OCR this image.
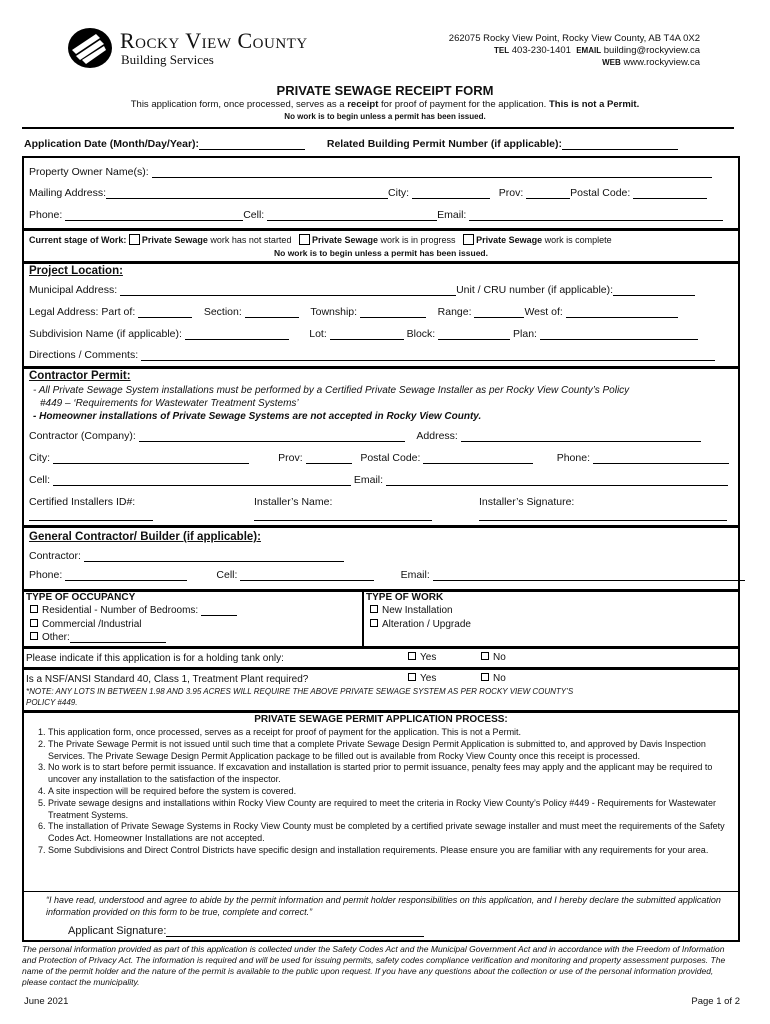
Rocky View County
Building Services
262075 Rocky View Point, Rocky View County, AB T4A 0X2
TEL 403-230-1401 EMAIL building@rockyview.ca
WEB www.rockyview.ca
PRIVATE SEWAGE RECEIPT FORM
This application form, once processed, serves as a receipt for proof of payment for the application. This is not a Permit.
No work is to begin unless a permit has been issued.
Application Date (Month/Day/Year):	Related Building Permit Number (if applicable):
Property Owner Name(s):
Mailing Address:	City:	Prov:	Postal Code:
Phone:	Cell:	Email:
Current stage of Work: Private Sewage work has not started Private Sewage work is in progress Private Sewage work is complete
No work is to begin unless a permit has been issued.
Project Location:
Municipal Address:	Unit / CRU number (if applicable):
Legal Address: Part of:	Section:	Township:	Range:	West of:
Subdivision Name (if applicable):	Lot:	Block:	Plan:
Directions / Comments:
Contractor Permit:
- All Private Sewage System installations must be performed by a Certified Private Sewage Installer as per Rocky View County’s Policy
#449 – ‘Requirements for Wastewater Treatment Systems’
- Homeowner installations of Private Sewage Systems are not accepted in Rocky View County.
Contractor (Company):	Address:
City:	Prov:	Postal Code:	Phone:
Cell:	Email:
Certified Installers ID#:	Installer’s Name:	Installer’s Signature:
General Contractor/ Builder (if applicable):
Contractor:
Phone:	Cell:	Email:
TYPE OF OCCUPANCY
Residential - Number of Bedrooms:
Commercial /Industrial
Other:
TYPE OF WORK
New Installation
Alteration / Upgrade
Please indicate if this application is for a holding tank only:	Yes	No
Is a NSF/ANSI Standard 40, Class 1, Treatment Plant required?	Yes	No
*NOTE: ANY LOTS IN BETWEEN 1.98 AND 3.95 ACRES WILL REQUIRE THE ABOVE PRIVATE SEWAGE SYSTEM AS PER ROCKY VIEW COUNTY’S
POLICY #449.
PRIVATE SEWAGE PERMIT APPLICATION PROCESS:
1. This application form, once processed, serves as a receipt for proof of payment for the application. This is not a Permit.
2. The Private Sewage Permit is not issued until such time that a complete Private Sewage Design Permit Application is submitted to, and approved by Davis Inspection Services. The Private Sewage Design Permit Application package to be filled out is available from Rocky View County once this receipt is processed.
3. No work is to start before permit issuance. If excavation and installation is started prior to permit issuance, penalty fees may apply and the applicant may be required to uncover any installation to the satisfaction of the inspector.
4. A site inspection will be required before the system is covered.
5. Private sewage designs and installations within Rocky View County are required to meet the criteria in Rocky View County’s Policy #449 - Requirements for Wastewater Treatment Systems.
6. The installation of Private Sewage Systems in Rocky View County must be completed by a certified private sewage installer and must meet the requirements of the Safety Codes Act. Homeowner Installations are not accepted.
7. Some Subdivisions and Direct Control Districts have specific design and installation requirements. Please ensure you are familiar with any requirements for your area.
“I have read, understood and agree to abide by the permit information and permit holder responsibilities on this application, and I hereby declare the submitted application information provided on this form to be true, complete and correct.”
Applicant Signature:
The personal information provided as part of this application is collected under the Safety Codes Act and the Municipal Government Act and in accordance with the Freedom of Information and Protection of Privacy Act. The information is required and will be used for issuing permits, safety codes compliance verification and monitoring and property assessment purposes. The name of the permit holder and the nature of the permit is available to the public upon request. If you have any questions about the collection or use of the personal information provided, please contact the municipality.
June 2021	Page 1 of 2
